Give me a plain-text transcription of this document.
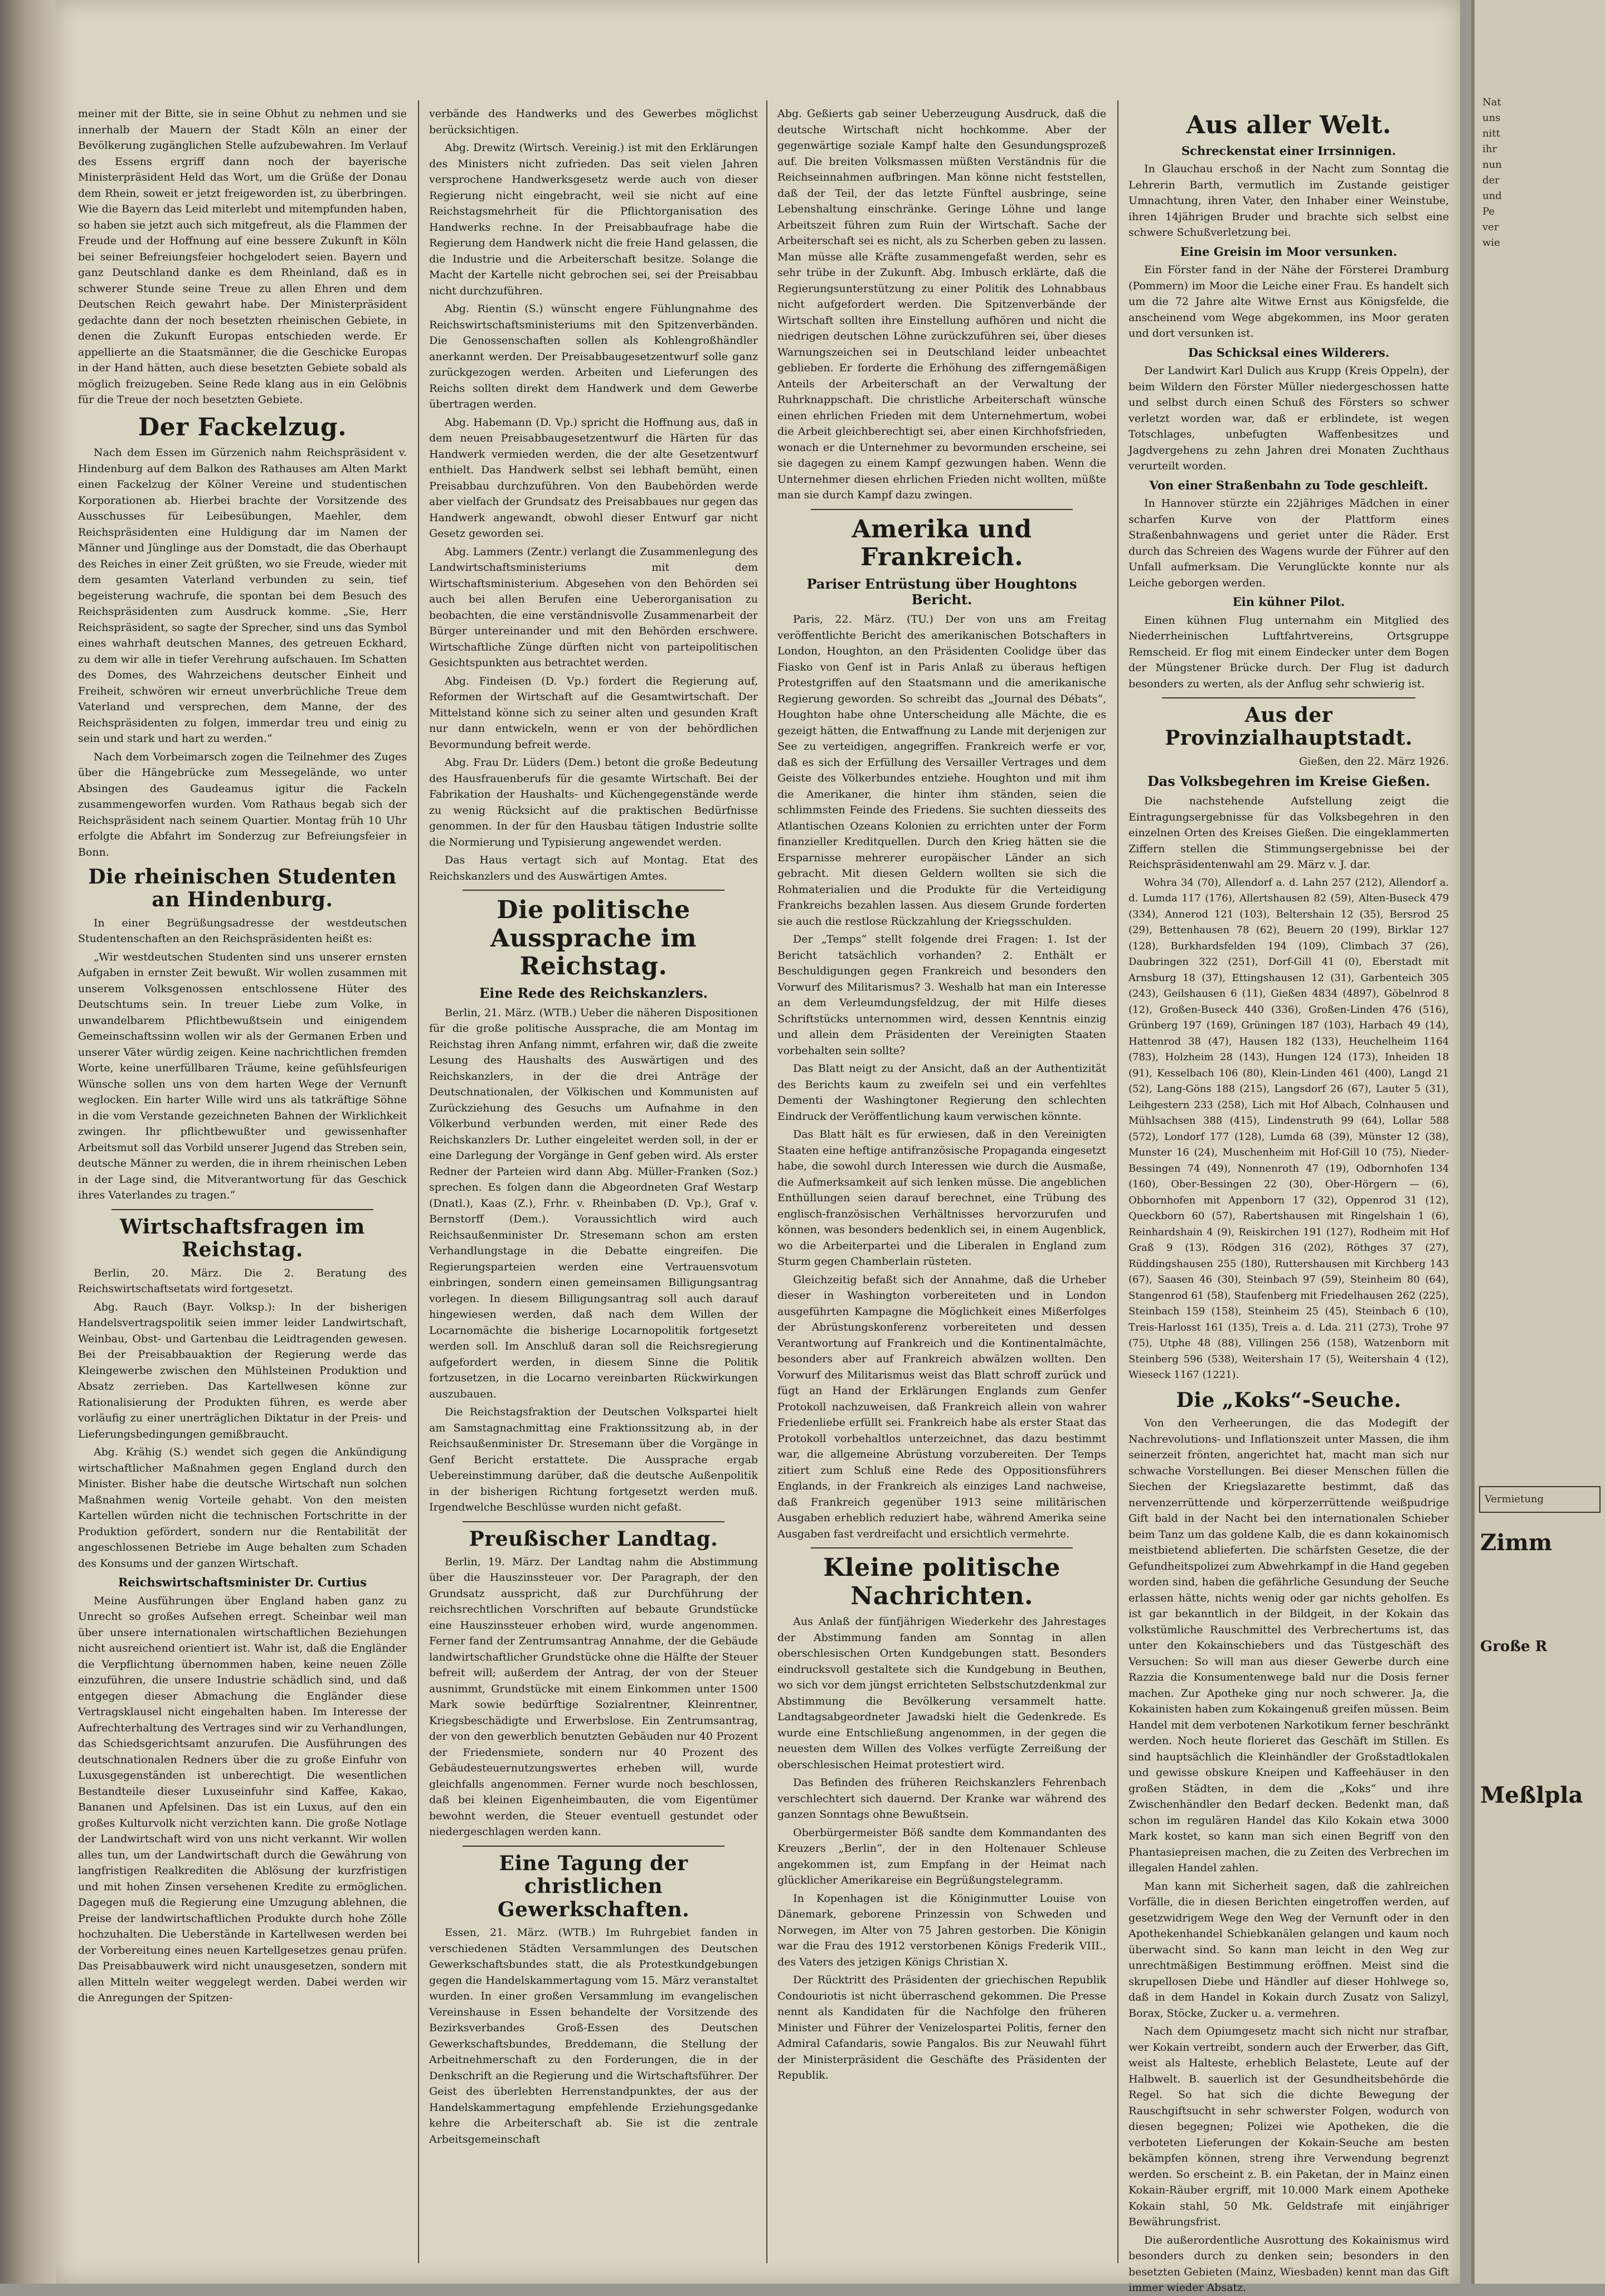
meiner mit der Bitte, sie in seine Obhut zu nehmen und sie innerhalb der Mauern der Stadt Köln an einer der Bevölkerung zugänglichen Stelle aufzubewahren. Im Verlauf des Essens ergriff dann noch der bayerische Ministerpräsident Held das Wort, um die Grüße der Donau dem Rhein, soweit er jetzt freigeworden ist, zu überbringen. Wie die Bayern das Leid miterlebt und mitempfunden haben, so haben sie jetzt auch sich mitgefreut, als die Flammen der Freude und der Hoffnung auf eine bessere Zukunft in Köln bei seiner Befreiungsfeier hochgelodert seien. Bayern und ganz Deutschland danke es dem Rheinland, daß es in schwerer Stunde seine Treue zu allen Ehren und dem Deutschen Reich gewahrt habe. Der Ministerpräsident gedachte dann der noch besetzten rheinischen Gebiete, in denen die Zukunft Europas entschieden werde. Er appellierte an die Staatsmänner, die die Geschicke Europas in der Hand hätten, auch diese besetzten Gebiete sobald als möglich freizugeben. Seine Rede klang aus in ein Gelöbnis für die Treue der noch besetzten Gebiete.

Der Fackelzug.

Nach dem Essen im Gürzenich nahm Reichspräsident v. Hindenburg auf dem Balkon des Rathauses am Alten Markt einen Fackelzug der Kölner Vereine und studentischen Korporationen ab. Hierbei brachte der Vorsitzende des Ausschusses für Leibesübungen, Maehler, dem Reichspräsidenten eine Huldigung dar im Namen der Männer und Jünglinge aus der Domstadt, die das Oberhaupt des Reiches in einer Zeit grüßten, wo sie Freude, wieder mit dem gesamten Vaterland verbunden zu sein, tief begeisterung wachrufe, die spontan bei dem Besuch des Reichspräsidenten zum Ausdruck komme. „Sie, Herr Reichspräsident, so sagte der Sprecher, sind uns das Symbol eines wahrhaft deutschen Mannes, des getreuen Eckhard, zu dem wir alle in tiefer Verehrung aufschauen. Im Schatten des Domes, des Wahrzeichens deutscher Einheit und Freiheit, schwören wir erneut unverbrüchliche Treue dem Vaterland und versprechen, dem Manne, der des Reichspräsidenten zu folgen, immerdar treu und einig zu sein und stark und hart zu werden.“

Nach dem Vorbeimarsch zogen die Teilnehmer des Zuges über die Hängebrücke zum Messegelände, wo unter Absingen des Gaudeamus igitur die Fackeln zusammengeworfen wurden. Vom Rathaus begab sich der Reichspräsident nach seinem Quartier. Montag früh 10 Uhr erfolgte die Abfahrt im Sonderzug zur Befreiungsfeier in Bonn.

Die rheinischen Studenten an Hindenburg.

In einer Begrüßungsadresse der westdeutschen Studentenschaften an den Reichspräsidenten heißt es:

„Wir westdeutschen Studenten sind uns unserer ernsten Aufgaben in ernster Zeit bewußt. Wir wollen zusammen mit unserem Volksgenossen entschlossene Hüter des Deutschtums sein. In treuer Liebe zum Volke, in unwandelbarem Pflichtbewußtsein und einigendem Gemeinschaftssinn wollen wir als der Germanen Erben und unserer Väter würdig zeigen. Keine nachrichtlichen fremden Worte, keine unerfüllbaren Träume, keine gefühlsfeurigen Wünsche sollen uns von dem harten Wege der Vernunft weglocken. Ein harter Wille wird uns als tatkräftige Söhne in die vom Verstande gezeichneten Bahnen der Wirklichkeit zwingen. Ihr pflichtbewußter und gewissenhafter Arbeitsmut soll das Vorbild unserer Jugend das Streben sein, deutsche Männer zu werden, die in ihrem rheinischen Leben in der Lage sind, die Mitverantwortung für das Geschick ihres Vaterlandes zu tragen.“

Wirtschaftsfragen im Reichstag.

Berlin, 20. März. Die 2. Beratung des Reichswirtschaftsetats wird fortgesetzt.

Abg. Rauch (Bayr. Volksp.): In der bisherigen Handelsvertragspolitik seien immer leider Landwirtschaft, Weinbau, Obst- und Gartenbau die Leidtragenden gewesen. Bei der Preisabbauaktion der Regierung werde das Kleingewerbe zwischen den Mühlsteinen Produktion und Absatz zerrieben. Das Kartellwesen könne zur Rationalisierung der Produkten führen, es werde aber vorläufig zu einer unerträglichen Diktatur in der Preis- und Lieferungsbedingungen gemißbraucht.

Abg. Krähig (S.) wendet sich gegen die Ankündigung wirtschaftlicher Maßnahmen gegen England durch den Minister. Bisher habe die deutsche Wirtschaft nun solchen Maßnahmen wenig Vorteile gehabt. Von den meisten Kartellen würden nicht die technischen Fortschritte in der Produktion gefördert, sondern nur die Rentabilität der angeschlossenen Betriebe im Auge behalten zum Schaden des Konsums und der ganzen Wirtschaft.

Reichswirtschaftsminister Dr. Curtius

Meine Ausführungen über England haben ganz zu Unrecht so großes Aufsehen erregt. Scheinbar weil man über unsere internationalen wirtschaftlichen Beziehungen nicht ausreichend orientiert ist. Wahr ist, daß die Engländer die Verpflichtung übernommen haben, keine neuen Zölle einzuführen, die unsere Industrie schädlich sind, und daß entgegen dieser Abmachung die Engländer diese Vertragsklausel nicht eingehalten haben. Im Interesse der Aufrechterhaltung des Vertrages sind wir zu Verhandlungen, das Schiedsgerichtsamt anzurufen. Die Ausführungen des deutschnationalen Redners über die zu große Einfuhr von Luxusgegenständen ist unberechtigt. Die wesentlichen Bestandteile dieser Luxuseinfuhr sind Kaffee, Kakao, Bananen und Apfelsinen. Das ist ein Luxus, auf den ein großes Kulturvolk nicht verzichten kann. Die große Notlage der Landwirtschaft wird von uns nicht verkannt. Wir wollen alles tun, um der Landwirtschaft durch die Gewährung von langfristigen Realkrediten die Ablösung der kurzfristigen und mit hohen Zinsen versehenen Kredite zu ermöglichen. Dagegen muß die Regierung eine Umzugung ablehnen, die Preise der landwirtschaftlichen Produkte durch hohe Zölle hochzuhalten. Die Ueberstände in Kartellwesen werden bei der Vorbereitung eines neuen Kartellgesetzes genau prüfen. Das Preisabbauwerk wird nicht unausgesetzen, sondern mit allen Mitteln weiter weggelegt werden. Dabei werden wir die Anregungen der Spitzen-

verbände des Handwerks und des Gewerbes möglichst berücksichtigen.

Abg. Drewitz (Wirtsch. Vereinig.) ist mit den Erklärungen des Ministers nicht zufrieden. Das seit vielen Jahren versprochene Handwerksgesetz werde auch von dieser Regierung nicht eingebracht, weil sie nicht auf eine Reichstagsmehrheit für die Pflichtorganisation des Handwerks rechne. In der Preisabbaufrage habe die Regierung dem Handwerk nicht die freie Hand gelassen, die die Industrie und die Arbeiterschaft besitze. Solange die Macht der Kartelle nicht gebrochen sei, sei der Preisabbau nicht durchzuführen.

Abg. Rientin (S.) wünscht engere Fühlungnahme des Reichswirtschaftsministeriums mit den Spitzenverbänden. Die Genossenschaften sollen als Kohlengroßhändler anerkannt werden. Der Preisabbaugesetzentwurf solle ganz zurückgezogen werden. Arbeiten und Lieferungen des Reichs sollten direkt dem Handwerk und dem Gewerbe übertragen werden.

Abg. Habemann (D. Vp.) spricht die Hoffnung aus, daß in dem neuen Preisabbaugesetzentwurf die Härten für das Handwerk vermieden werden, die der alte Gesetzentwurf enthielt. Das Handwerk selbst sei lebhaft bemüht, einen Preisabbau durchzuführen. Von den Baubehörden werde aber vielfach der Grundsatz des Preisabbaues nur gegen das Handwerk angewandt, obwohl dieser Entwurf gar nicht Gesetz geworden sei.

Abg. Lammers (Zentr.) verlangt die Zusammenlegung des Landwirtschaftsministeriums mit dem Wirtschaftsministerium. Abgesehen von den Behörden sei auch bei allen Berufen eine Ueberorganisation zu beobachten, die eine verständnisvolle Zusammenarbeit der Bürger untereinander und mit den Behörden erschwere. Wirtschaftliche Zünge dürften nicht von parteipolitischen Gesichtspunkten aus betrachtet werden.

Abg. Findeisen (D. Vp.) fordert die Regierung auf, Reformen der Wirtschaft auf die Gesamtwirtschaft. Der Mittelstand könne sich zu seiner alten und gesunden Kraft nur dann entwickeln, wenn er von der behördlichen Bevormundung befreit werde.

Abg. Frau Dr. Lüders (Dem.) betont die große Bedeutung des Hausfrauenberufs für die gesamte Wirtschaft. Bei der Fabrikation der Haushalts- und Küchengegenstände werde zu wenig Rücksicht auf die praktischen Bedürfnisse genommen. In der für den Hausbau tätigen Industrie sollte die Normierung und Typisierung angewendet werden.

Das Haus vertagt sich auf Montag. Etat des Reichskanzlers und des Auswärtigen Amtes.

Die politische Aussprache im Reichstag.
Eine Rede des Reichskanzlers.

Berlin, 21. März. (WTB.) Ueber die näheren Dispositionen für die große politische Aussprache, die am Montag im Reichstag ihren Anfang nimmt, erfahren wir, daß die zweite Lesung des Haushalts des Auswärtigen und des Reichskanzlers, in der die drei Anträge der Deutschnationalen, der Völkischen und Kommunisten auf Zurückziehung des Gesuchs um Aufnahme in den Völkerbund verbunden werden, mit einer Rede des Reichskanzlers Dr. Luther eingeleitet werden soll, in der er eine Darlegung der Vorgänge in Genf geben wird. Als erster Redner der Parteien wird dann Abg. Müller-Franken (Soz.) sprechen. Es folgen dann die Abgeordneten Graf Westarp (Dnatl.), Kaas (Z.), Frhr. v. Rheinbaben (D. Vp.), Graf v. Bernstorff (Dem.). Voraussichtlich wird auch Reichsaußenminister Dr. Stresemann schon am ersten Verhandlungstage in die Debatte eingreifen. Die Regierungsparteien werden eine Vertrauensvotum einbringen, sondern einen gemeinsamen Billigungsantrag vorlegen. In diesem Billigungsantrag soll auch darauf hingewiesen werden, daß nach dem Willen der Locarnomächte die bisherige Locarnopolitik fortgesetzt werden soll. Im Anschluß daran soll die Reichsregierung aufgefordert werden, in diesem Sinne die Politik fortzusetzen, in die Locarno vereinbarten Rückwirkungen auszubauen.

Die Reichstagsfraktion der Deutschen Volkspartei hielt am Samstagnachmittag eine Fraktionssitzung ab, in der Reichsaußenminister Dr. Stresemann über die Vorgänge in Genf Bericht erstattete. Die Aussprache ergab Uebereinstimmung darüber, daß die deutsche Außenpolitik in der bisherigen Richtung fortgesetzt werden muß. Irgendwelche Beschlüsse wurden nicht gefaßt.

Preußischer Landtag.

Berlin, 19. März. Der Landtag nahm die Abstimmung über die Hauszinssteuer vor. Der Paragraph, der den Grundsatz ausspricht, daß zur Durchführung der reichsrechtlichen Vorschriften auf bebaute Grundstücke eine Hauszinssteuer erhoben wird, wurde angenommen. Ferner fand der Zentrumsantrag Annahme, der die Gebäude landwirtschaftlicher Grundstücke ohne die Hälfte der Steuer befreit will; außerdem der Antrag, der von der Steuer ausnimmt, Grundstücke mit einem Einkommen unter 1500 Mark sowie bedürftige Sozialrentner, Kleinrentner, Kriegsbeschädigte und Erwerbslose. Ein Zentrumsantrag, der von den gewerblich benutzten Gebäuden nur 40 Prozent der Friedensmiete, sondern nur 40 Prozent des Gebäudesteuernutzungswertes erheben will, wurde gleichfalls angenommen. Ferner wurde noch beschlossen, daß bei kleinen Eigenheimbauten, die vom Eigentümer bewohnt werden, die Steuer eventuell gestundet oder niedergeschlagen werden kann.

Eine Tagung der christlichen Gewerkschaften.

Essen, 21. März. (WTB.) Im Ruhrgebiet fanden in verschiedenen Städten Versammlungen des Deutschen Gewerkschaftsbundes statt, die als Protestkundgebungen gegen die Handelskammertagung vom 15. März veranstaltet wurden. In einer großen Versammlung im evangelischen Vereinshause in Essen behandelte der Vorsitzende des Bezirksverbandes Groß-Essen des Deutschen Gewerkschaftsbundes, Breddemann, die Stellung der Arbeitnehmerschaft zu den Forderungen, die in der Denkschrift an die Regierung und die Wirtschaftsführer. Der Geist des überlebten Herrenstandpunktes, der aus der Handelskammertagung empfehlende Erziehungsgedanke kehre die Arbeiterschaft ab. Sie ist die zentrale Arbeitsgemeinschaft

Abg. Geßierts gab seiner Ueberzeugung Ausdruck, daß die deutsche Wirtschaft nicht hochkomme. Aber der gegenwärtige soziale Kampf halte den Gesundungsprozeß auf. Die breiten Volksmassen müßten Verständnis für die Reichseinnahmen aufbringen. Man könne nicht feststellen, daß der Teil, der das letzte Fünftel ausbringe, seine Lebenshaltung einschränke. Geringe Löhne und lange Arbeitszeit führen zum Ruin der Wirtschaft. Sache der Arbeiterschaft sei es nicht, als zu Scherben geben zu lassen. Man müsse alle Kräfte zusammengefaßt werden, sehr es sehr trübe in der Zukunft. Abg. Imbusch erklärte, daß die Regierungsunterstützung zu einer Politik des Lohnabbaus nicht aufgefordert werden. Die Spitzenverbände der Wirtschaft sollten ihre Einstellung aufhören und nicht die niedrigen deutschen Löhne zurückzuführen sei, über dieses Warnungszeichen sei in Deutschland leider unbeachtet geblieben. Er forderte die Erhöhung des zifferngemäßigen Anteils der Arbeiterschaft an der Verwaltung der Ruhrknappschaft. Die christliche Arbeiterschaft wünsche einen ehrlichen Frieden mit dem Unternehmertum, wobei die Arbeit gleichberechtigt sei, aber einen Kirchhofsfrieden, wonach er die Unternehmer zu bevormunden erscheine, sei sie dagegen zu einem Kampf gezwungen haben. Wenn die Unternehmer diesen ehrlichen Frieden nicht wollten, müßte man sie durch Kampf dazu zwingen.

Amerika und Frankreich.
Pariser Entrüstung über Houghtons Bericht.

Paris, 22. März. (TU.) Der von uns am Freitag veröffentlichte Bericht des amerikanischen Botschafters in London, Houghton, an den Präsidenten Coolidge über das Fiasko von Genf ist in Paris Anlaß zu überaus heftigen Protestgriffen auf den Staatsmann und die amerikanische Regierung geworden. So schreibt das „Journal des Débats“, Houghton habe ohne Unterscheidung alle Mächte, die es gezeigt hätten, die Entwaffnung zu Lande mit derjenigen zur See zu verteidigen, angegriffen. Frankreich werfe er vor, daß es sich der Erfüllung des Versailler Vertrages und dem Geiste des Völkerbundes entziehe. Houghton und mit ihm die Amerikaner, die hinter ihm ständen, seien die schlimmsten Feinde des Friedens. Sie suchten diesseits des Atlantischen Ozeans Kolonien zu errichten unter der Form finanzieller Kreditquellen. Durch den Krieg hätten sie die Ersparnisse mehrerer europäischer Länder an sich gebracht. Mit diesen Geldern wollten sie sich die Rohmaterialien und die Produkte für die Verteidigung Frankreichs bezahlen lassen. Aus diesem Grunde forderten sie auch die restlose Rückzahlung der Kriegsschulden.

Der „Temps“ stellt folgende drei Fragen: 1. Ist der Bericht tatsächlich vorhanden? 2. Enthält er Beschuldigungen gegen Frankreich und besonders den Vorwurf des Militarismus? 3. Weshalb hat man ein Interesse an dem Verleumdungsfeldzug, der mit Hilfe dieses Schriftstücks unternommen wird, dessen Kenntnis einzig und allein dem Präsidenten der Vereinigten Staaten vorbehalten sein sollte?

Das Blatt neigt zu der Ansicht, daß an der Authentizität des Berichts kaum zu zweifeln sei und ein verfehltes Dementi der Washingtoner Regierung den schlechten Eindruck der Veröffentlichung kaum verwischen könnte.

Das Blatt hält es für erwiesen, daß in den Vereinigten Staaten eine heftige antifranzösische Propaganda eingesetzt habe, die sowohl durch Interessen wie durch die Ausmaße, die Aufmerksamkeit auf sich lenken müsse. Die angeblichen Enthüllungen seien darauf berechnet, eine Trübung des englisch-französischen Verhältnisses hervorzurufen und können, was besonders bedenklich sei, in einem Augenblick, wo die Arbeiterpartei und die Liberalen in England zum Sturm gegen Chamberlain rüsteten.

Gleichzeitig befaßt sich der Annahme, daß die Urheber dieser in Washington vorbereiteten und in London ausgeführten Kampagne die Möglichkeit eines Mißerfolges der Abrüstungskonferenz vorbereiteten und dessen Verantwortung auf Frankreich und die Kontinentalmächte, besonders aber auf Frankreich abwälzen wollten. Den Vorwurf des Militarismus weist das Blatt schroff zurück und fügt an Hand der Erklärungen Englands zum Genfer Protokoll nachzuweisen, daß Frankreich allein von wahrer Friedenliebe erfüllt sei. Frankreich habe als erster Staat das Protokoll vorbehaltlos unterzeichnet, das dazu bestimmt war, die allgemeine Abrüstung vorzubereiten. Der Temps zitiert zum Schluß eine Rede des Oppositionsführers Englands, in der Frankreich als einziges Land nachweise, daß Frankreich gegenüber 1913 seine militärischen Ausgaben erheblich reduziert habe, während Amerika seine Ausgaben fast verdreifacht und ersichtlich vermehrte.

Kleine politische Nachrichten.

Aus Anlaß der fünfjährigen Wiederkehr des Jahrestages der Abstimmung fanden am Sonntag in allen oberschlesischen Orten Kundgebungen statt. Besonders eindrucksvoll gestaltete sich die Kundgebung in Beuthen, wo sich vor dem jüngst errichteten Selbstschutzdenkmal zur Abstimmung die Bevölkerung versammelt hatte. Landtagsabgeordneter Jawadski hielt die Gedenkrede. Es wurde eine Entschließung angenommen, in der gegen die neuesten dem Willen des Volkes verfügte Zerreißung der oberschlesischen Heimat protestiert wird.

Das Befinden des früheren Reichskanzlers Fehrenbach verschlechtert sich dauernd. Der Kranke war während des ganzen Sonntags ohne Bewußtsein.

Oberbürgermeister Böß sandte dem Kommandanten des Kreuzers „Berlin“, der in den Holtenauer Schleuse angekommen ist, zum Empfang in der Heimat nach glücklicher Amerikareise ein Begrüßungstelegramm.

In Kopenhagen ist die Königinmutter Louise von Dänemark, geborene Prinzessin von Schweden und Norwegen, im Alter von 75 Jahren gestorben. Die Königin war die Frau des 1912 verstorbenen Königs Frederik VIII., des Vaters des jetzigen Königs Christian X.

Der Rücktritt des Präsidenten der griechischen Republik Condouriotis ist nicht überraschend gekommen. Die Presse nennt als Kandidaten für die Nachfolge den früheren Minister und Führer der Venizelospartei Politis, ferner den Admiral Cafandaris, sowie Pangalos. Bis zur Neuwahl führt der Ministerpräsident die Geschäfte des Präsidenten der Republik.

Aus aller Welt.
Schreckenstat einer Irrsinnigen.

In Glauchau erschoß in der Nacht zum Sonntag die Lehrerin Barth, vermutlich im Zustande geistiger Umnachtung, ihren Vater, den Inhaber einer Weinstube, ihren 14jährigen Bruder und brachte sich selbst eine schwere Schußverletzung bei.

Eine Greisin im Moor versunken.

Ein Förster fand in der Nähe der Försterei Dramburg (Pommern) im Moor die Leiche einer Frau. Es handelt sich um die 72 Jahre alte Witwe Ernst aus Königsfelde, die anscheinend vom Wege abgekommen, ins Moor geraten und dort versunken ist.

Das Schicksal eines Wilderers.

Der Landwirt Karl Dulich aus Krupp (Kreis Oppeln), der beim Wildern den Förster Müller niedergeschossen hatte und selbst durch einen Schuß des Försters so schwer verletzt worden war, daß er erblindete, ist wegen Totschlages, unbefugten Waffenbesitzes und Jagdvergehens zu zehn Jahren drei Monaten Zuchthaus verurteilt worden.

Von einer Straßenbahn zu Tode geschleift.

In Hannover stürzte ein 22jähriges Mädchen in einer scharfen Kurve von der Plattform eines Straßenbahnwagens und geriet unter die Räder. Erst durch das Schreien des Wagens wurde der Führer auf den Unfall aufmerksam. Die Verunglückte konnte nur als Leiche geborgen werden.

Ein kühner Pilot.

Einen kühnen Flug unternahm ein Mitglied des Niederrheinischen Luftfahrtvereins, Ortsgruppe Remscheid. Er flog mit einem Eindecker unter dem Bogen der Müngstener Brücke durch. Der Flug ist dadurch besonders zu werten, als der Anflug sehr schwierig ist.

Aus der Provinzialhauptstadt.

Gießen, den 22. März 1926.

Das Volksbegehren im Kreise Gießen.

Die nachstehende Aufstellung zeigt die Eintragungsergebnisse für das Volksbegehren in den einzelnen Orten des Kreises Gießen. Die eingeklammerten Ziffern stellen die Stimmungsergebnisse bei der Reichspräsidentenwahl am 29. März v. J. dar.

Wohra 34 (70), Allendorf a. d. Lahn 257 (212), Allendorf a. d. Lumda 117 (176), Allertshausen 82 (59), Alten-Buseck 479 (334), Annerod 121 (103), Beltershain 12 (35), Bersrod 25 (29), Bettenhausen 78 (62), Beuern 20 (199), Birklar 127 (128), Burkhardsfelden 194 (109), Climbach 37 (26), Daubringen 322 (251), Dorf-Gill 41 (0), Eberstadt mit Arnsburg 18 (37), Ettingshausen 12 (31), Garbenteich 305 (243), Geilshausen 6 (11), Gießen 4834 (4897), Göbelnrod 8 (12), Großen-Buseck 440 (336), Großen-Linden 476 (516), Grünberg 197 (169), Grüningen 187 (103), Harbach 49 (14), Hattenrod 38 (47), Hausen 182 (133), Heuchelheim 1164 (783), Holzheim 28 (143), Hungen 124 (173), Inheiden 18 (91), Kesselbach 106 (80), Klein-Linden 461 (400), Langd 21 (52), Lang-Göns 188 (215), Langsdorf 26 (67), Lauter 5 (31), Leihgestern 233 (258), Lich mit Hof Albach, Colnhausen und Mühlsachsen 388 (415), Lindenstruth 99 (64), Lollar 588 (572), Londorf 177 (128), Lumda 68 (39), Münster 12 (38), Munster 16 (24), Muschenheim mit Hof-Gill 10 (75), Nieder-Bessingen 74 (49), Nonnenroth 47 (19), Odbornhofen 134 (160), Ober-Bessingen 22 (30), Ober-Hörgern — (6), Obbornhofen mit Appenborn 17 (32), Oppenrod 31 (12), Queckborn 60 (57), Rabertshausen mit Ringelshain 1 (6), Reinhardshain 4 (9), Reiskirchen 191 (127), Rodheim mit Hof Graß 9 (13), Rödgen 316 (202), Röthges 37 (27), Rüddingshausen 255 (180), Ruttershausen mit Kirchberg 143 (67), Saasen 46 (30), Steinbach 97 (59), Steinheim 80 (64), Stangenrod 61 (58), Staufenberg mit Friedelhausen 262 (225), Steinbach 159 (158), Steinheim 25 (45), Steinbach 6 (10), Treis-Harlosst 161 (135), Treis a. d. Lda. 211 (273), Trohe 97 (75), Utphe 48 (88), Villingen 256 (158), Watzenborn mit Steinberg 596 (538), Weitershain 17 (5), Weitershain 4 (12), Wieseck 1167 (1221).

Die „Koks“-Seuche.

Von den Verheerungen, die das Modegift der Nachrevolutions- und Inflationszeit unter Massen, die ihm seinerzeit frönten, angerichtet hat, macht man sich nur schwache Vorstellungen. Bei dieser Menschen füllen die Siechen der Kriegslazarette bestimmt, daß das nervenzerrüttende und körperzerrüttende weißpudrige Gift bald in der Nacht bei den internationalen Schieber beim Tanz um das goldene Kalb, die es dann kokainomisch meistbietend ablieferten. Die schärfsten Gesetze, die der Gefundheitspolizei zum Abwehrkampf in die Hand gegeben worden sind, haben die gefährliche Gesundung der Seuche erlassen hätte, nichts wenig oder gar nichts geholfen. Es ist gar bekanntlich in der Bildgeit, in der Kokain das volkstümliche Rauschmittel des Verbrechertums ist, das unter den Kokainschiebers und das Tüstgeschäft des Versuchen: So will man aus dieser Gewerbe durch eine Razzia die Konsumentenwege bald nur die Dosis ferner machen. Zur Apotheke ging nur noch schwerer. Ja, die Kokainisten haben zum Kokaingenuß greifen müssen. Beim Handel mit dem verbotenen Narkotikum ferner beschränkt werden. Noch heute florieret das Geschäft im Stillen. Es sind hauptsächlich die Kleinhändler der Großstadtlokalen und gewisse obskure Kneipen und Kaffeehäuser in den großen Städten, in dem die „Koks“ und ihre Zwischenhändler den Bedarf decken. Bedenkt man, daß schon im regulären Handel das Kilo Kokain etwa 3000 Mark kostet, so kann man sich einen Begriff von den Phantasiepreisen machen, die zu Zeiten des Verbrechen im illegalen Handel zahlen.

Man kann mit Sicherheit sagen, daß die zahlreichen Vorfälle, die in diesen Berichten eingetroffen werden, auf gesetzwidrigem Wege den Weg der Vernunft oder in den Apothekenhandel Schiebkanälen gelangen und kaum noch überwacht sind. So kann man leicht in den Weg zur unrechtmäßigen Bestimmung eröffnen. Meist sind die skrupellosen Diebe und Händler auf dieser Hohlwege so, daß in dem Handel in Kokain durch Zusatz von Salizyl, Borax, Stöcke, Zucker u. a. vermehren.

Nach dem Opiumgesetz macht sich nicht nur strafbar, wer Kokain vertreibt, sondern auch der Erwerber, das Gift, weist als Halteste, erheblich Belastete, Leute auf der Halbwelt. B. sauerlich ist der Gesundheitsbehörde die Regel. So hat sich die dichte Bewegung der Rauschgiftsucht in sehr schwerster Folgen, wodurch von diesen begegnen; Polizei wie Apotheken, die die verboteten Lieferungen der Kokain-Seuche am besten bekämpfen können, streng ihre Verwendung begrenzt werden. So erscheint z. B. ein Paketan, der in Mainz einen Kokain-Räuber ergriff, mit 10.000 Mark einem Apotheke Kokain stahl, 50 Mk. Geldstrafe mit einjähriger Bewährungsfrist.

Die außerordentliche Ausrottung des Kokainismus wird besonders durch zu denken sein; besonders in den besetzten Gebieten (Mainz, Wiesbaden) kennt man das Gift immer wieder Absatz.

Nat
uns
nitt
ihr
nun
der
und
Pe
ver
wie
Vermietung
Zimm
Große R
Meßlpla
